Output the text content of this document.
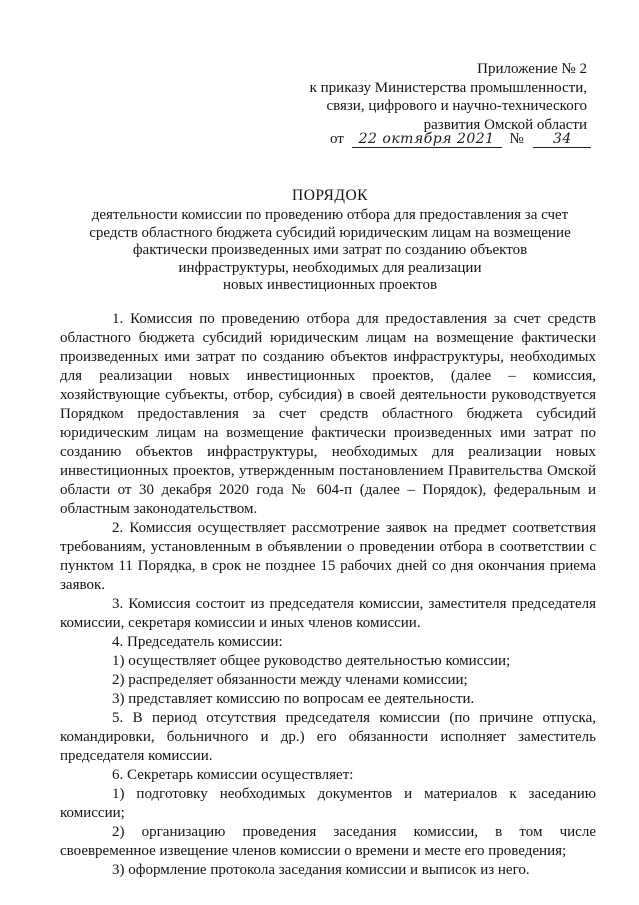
Приложение № 2
к приказу Министерства промышленности,
связи, цифрового и научно-технического
развития Омской области
от 22 октября 2021 № 34
ПОРЯДОК
деятельности комиссии по проведению отбора для предоставления за счет
средств областного бюджета субсидий юридическим лицам на возмещение
фактически произведенных ими затрат по созданию объектов
инфраструктуры, необходимых для реализации
новых инвестиционных проектов

1. Комиссия по проведению отбора для предоставления за счет средств областного бюджета субсидий юридическим лицам на возмещение фактически произведенных ими затрат по созданию объектов инфраструктуры, необходимых для реализации новых инвестиционных проектов, (далее – комиссия, хозяйствующие субъекты, отбор, субсидия) в своей деятельности руководствуется Порядком предоставления за счет средств областного бюджета субсидий юридическим лицам на возмещение фактически произведенных ими затрат по созданию объектов инфраструктуры, необходимых для реализации новых инвестиционных проектов, утвержденным постановлением Правительства Омской области от 30 декабря 2020 года № 604-п (далее – Порядок), федеральным и областным законодательством.

2. Комиссия осуществляет рассмотрение заявок на предмет соответствия требованиям, установленным в объявлении о проведении отбора в соответствии с пунктом 11 Порядка, в срок не позднее 15 рабочих дней со дня окончания приема заявок.

3. Комиссия состоит из председателя комиссии, заместителя председателя комиссии, секретаря комиссии и иных членов комиссии.

4. Председатель комиссии:

1) осуществляет общее руководство деятельностью комиссии;

2) распределяет обязанности между членами комиссии;

3) представляет комиссию по вопросам ее деятельности.

5. В период отсутствия председателя комиссии (по причине отпуска, командировки, больничного и др.) его обязанности исполняет заместитель председателя комиссии.

6. Секретарь комиссии осуществляет:

1) подготовку необходимых документов и материалов к заседанию комиссии;

2) организацию проведения заседания комиссии, в том числе своевременное извещение членов комиссии о времени и месте его проведения;

3) оформление протокола заседания комиссии и выписок из него.
